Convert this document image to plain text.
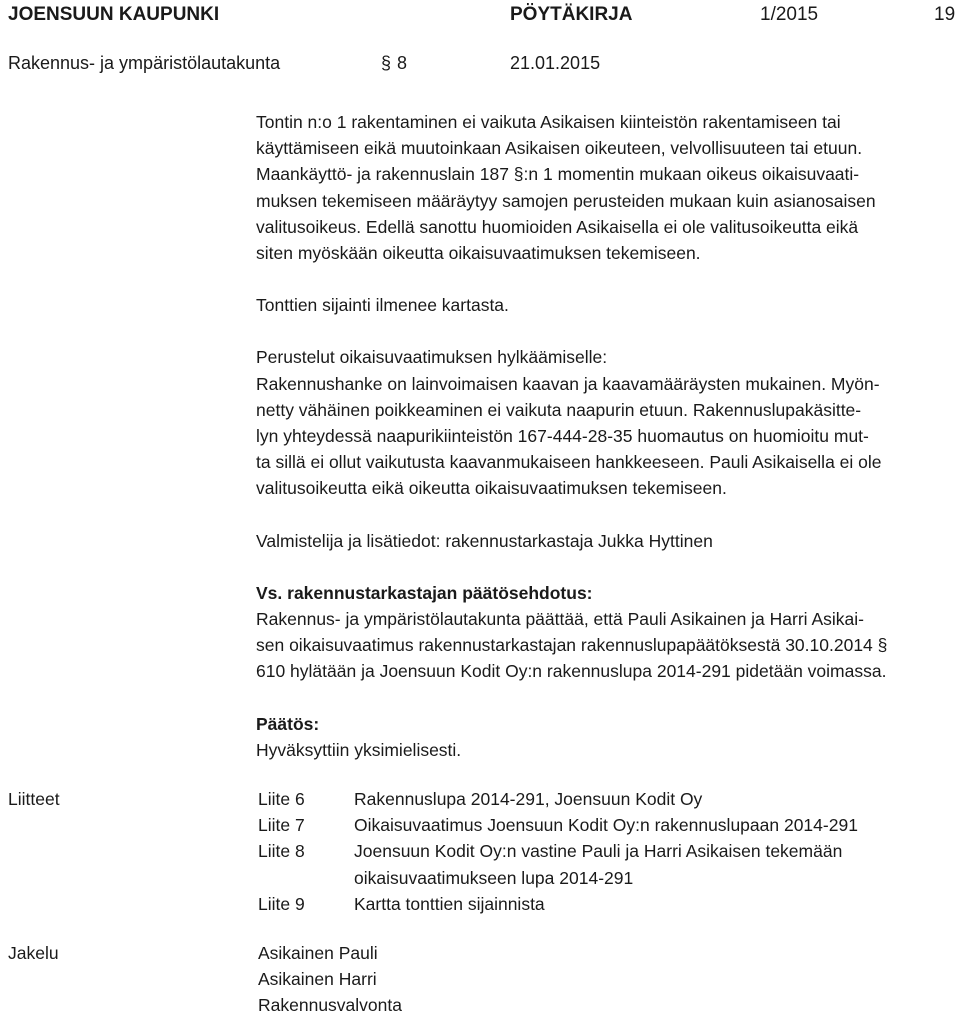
JOENSUUN KAUPUNKI	PÖYTÄKIRJA	1/2015	19
Rakennus- ja ympäristölautakunta	§ 8	21.01.2015

Tontin n:o 1 rakentaminen ei vaikuta Asikaisen kiinteistön rakentamiseen tai

käyttämiseen eikä muutoinkaan Asikaisen oikeuteen, velvollisuuteen tai etuun.

Maankäyttö- ja rakennuslain 187 §:n 1 momentin mukaan oikeus oikaisuvaati-

muksen tekemiseen määräytyy samojen perusteiden mukaan kuin asianosaisen

valitusoikeus. Edellä sanottu huomioiden Asikaisella ei ole valitusoikeutta eikä

siten myöskään oikeutta oikaisuvaatimuksen tekemiseen.

Tonttien sijainti ilmenee kartasta.

Perustelut oikaisuvaatimuksen hylkäämiselle:

Rakennushanke on lainvoimaisen kaavan ja kaavamääräysten mukainen. Myön-

netty vähäinen poikkeaminen ei vaikuta naapurin etuun. Rakennuslupakäsitte-

lyn yhteydessä naapurikiinteistön 167-444-28-35 huomautus on huomioitu mut-

ta sillä ei ollut vaikutusta kaavanmukaiseen hankkeeseen. Pauli Asikaisella ei ole

valitusoikeutta eikä oikeutta oikaisuvaatimuksen tekemiseen.

Valmistelija ja lisätiedot: rakennustarkastaja Jukka Hyttinen

Vs. rakennustarkastajan päätösehdotus:

Rakennus- ja ympäristölautakunta päättää, että Pauli Asikainen ja Harri Asikai-

sen oikaisuvaatimus rakennustarkastajan rakennuslupapäätöksestä 30.10.2014 §

610 hylätään ja Joensuun Kodit Oy:n rakennuslupa 2014-291 pidetään voimassa.

Päätös:

Hyväksyttiin yksimielisesti.

Liitteet	Liite 6	Rakennuslupa 2014-291, Joensuun Kodit Oy
Liite 7	Oikaisuvaatimus Joensuun Kodit Oy:n rakennuslupaan 2014-291
Liite 8	Joensuun Kodit Oy:n vastine Pauli ja Harri Asikaisen tekemään
oikaisuvaatimukseen lupa 2014-291
Liite 9	Kartta tonttien sijainnista
Jakelu	Asikainen Pauli
Asikainen Harri
Rakennusvalvonta
